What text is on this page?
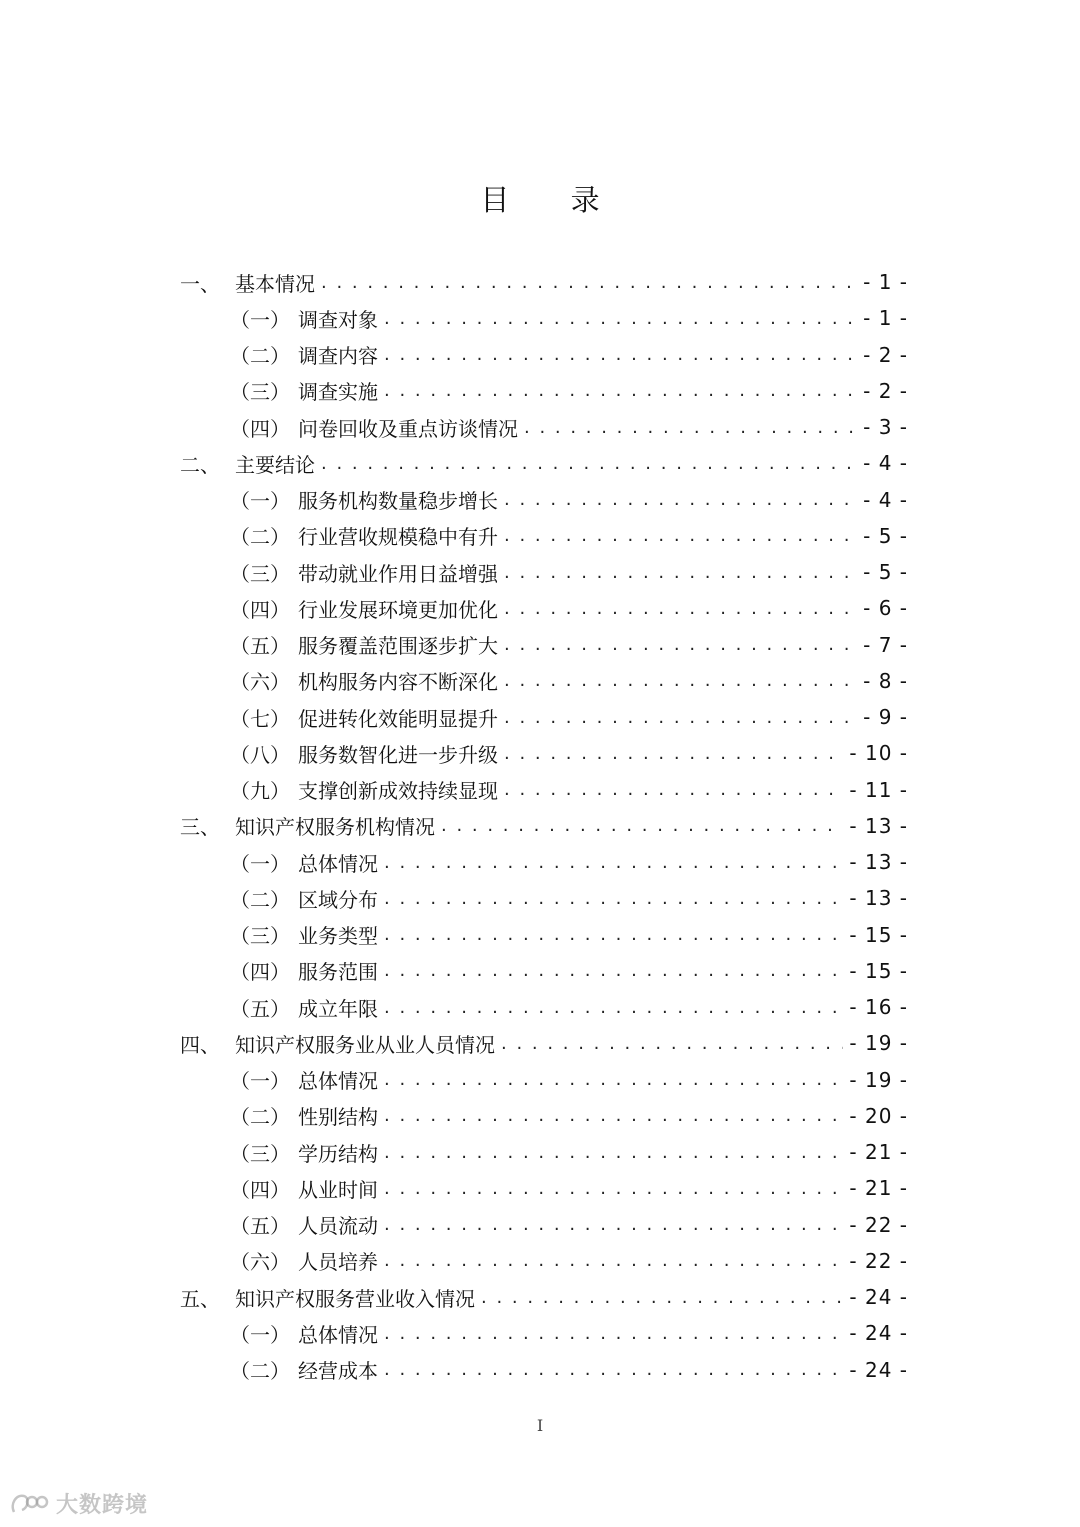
目 录
一、 基本情况 . . .	- 1 -
（一） 调查对象 . . .	- 1 -
（二） 调查内容 . . .	- 2 -
（三） 调查实施 . . .	- 2 -
（四） 问卷回收及重点访谈情况 . . .	- 3 -
二、 主要结论 . . .	- 4 -
（一） 服务机构数量稳步增长 . . .	- 4 -
（二） 行业营收规模稳中有升 . . .	- 5 -
（三） 带动就业作用日益增强 . . .	- 5 -
（四） 行业发展环境更加优化 . . .	- 6 -
（五） 服务覆盖范围逐步扩大 . . .	- 7 -
（六） 机构服务内容不断深化 . . .	- 8 -
（七） 促进转化效能明显提升 . . .	- 9 -
（八） 服务数智化进一步升级 . . .	- 10 -
（九） 支撑创新成效持续显现 . . .	- 11 -
三、 知识产权服务机构情况 . . .	- 13 -
（一） 总体情况 . . .	- 13 -
（二） 区域分布 . . .	- 13 -
（三） 业务类型 . . .	- 15 -
（四） 服务范围 . . .	- 15 -
（五） 成立年限 . . .	- 16 -
四、 知识产权服务业从业人员情况 . . .	- 19 -
（一） 总体情况 . . .	- 19 -
（二） 性别结构 . . .	- 20 -
（三） 学历结构 . . .	- 21 -
（四） 从业时间 . . .	- 21 -
（五） 人员流动 . . .	- 22 -
（六） 人员培养 . . .	- 22 -
五、 知识产权服务营业收入情况 . . .	- 24 -
（一） 总体情况 . . .	- 24 -
（二） 经营成本 . . .	- 24 -
I
大数跨境
